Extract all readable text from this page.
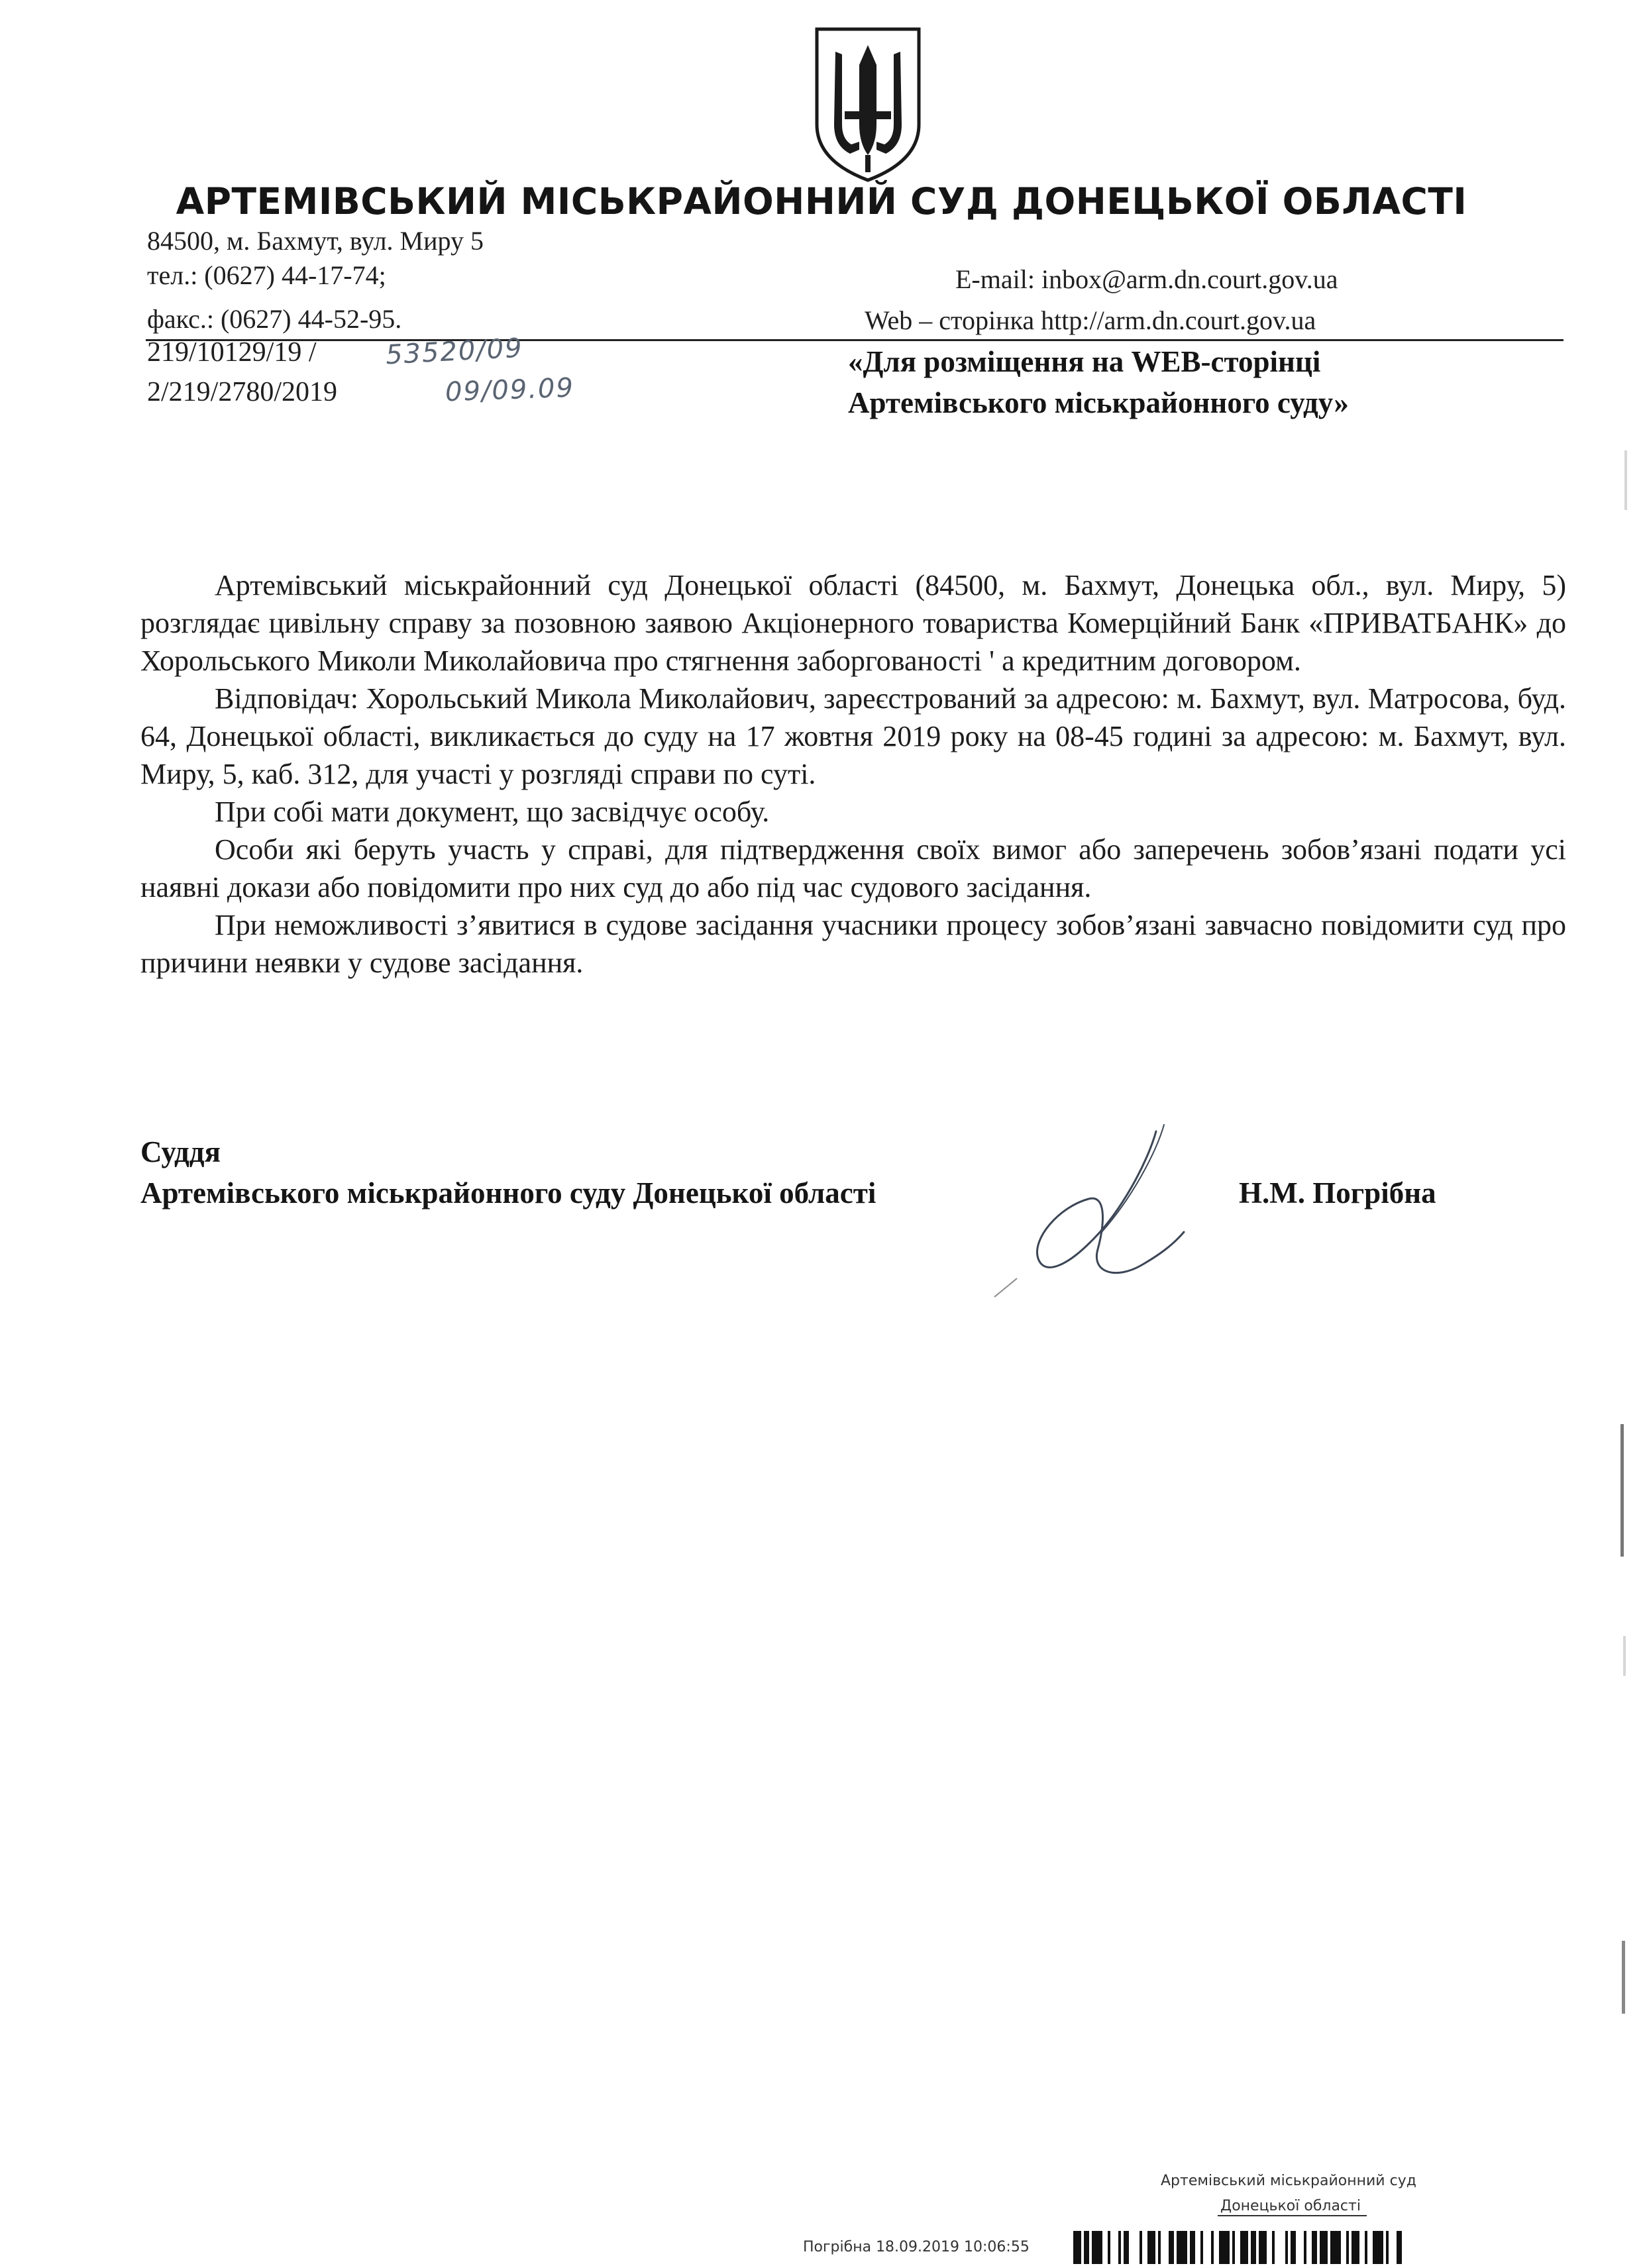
АРТЕМІВСЬКИЙ МІСЬКРАЙОННИЙ СУД ДОНЕЦЬКОЇ ОБЛАСТІ
84500, м. Бахмут, вул. Миру 5
тел.: (0627) 44-17-74;
факс.: (0627) 44-52-95.
E-mail: inbox@arm.dn.court.gov.ua
Web – сторінка http://arm.dn.court.gov.ua
219/10129/19 /
2/219/2780/2019
53520/09
09/09.09
«Для розміщення на WEB-сторінці
Артемівського міськрайонного суду»

Артемівський міськрайонний суд Донецької області (84500, м. Бахмут, Донецька обл., вул. Миру, 5) розглядає цивільну справу за позовною заявою Акціонерного товариства Комерційний Банк «ПРИВАТБАНК» до Хорольського Миколи Миколайовича про стягнення заборгованості ' а кредитним договором.

Відповідач: Хорольський Микола Миколайович, зареєстрований за адресою: м. Бахмут, вул. Матросова, буд. 64, Донецької області, викликається до суду на 17 жовтня 2019 року на 08-45 годині за адресою: м. Бахмут, вул. Миру, 5, каб. 312, для участі у розгляді справи по суті.

При собі мати документ, що засвідчує особу.

Особи які беруть участь у справі, для підтвердження своїх вимог або заперечень зобов’язані подати усі наявні докази або повідомити про них суд до або під час судового засідання.

При неможливості з’явитися в судове засідання учасники процесу зобов’язані завчасно повідомити суд про причини неявки у судове засідання.

Суддя
Артемівського міськрайонного суду Донецької області	Н.М. Погрібна
Артемівський міськрайонний суд
Донецької області
Погрібна 18.09.2019 10:06:55
